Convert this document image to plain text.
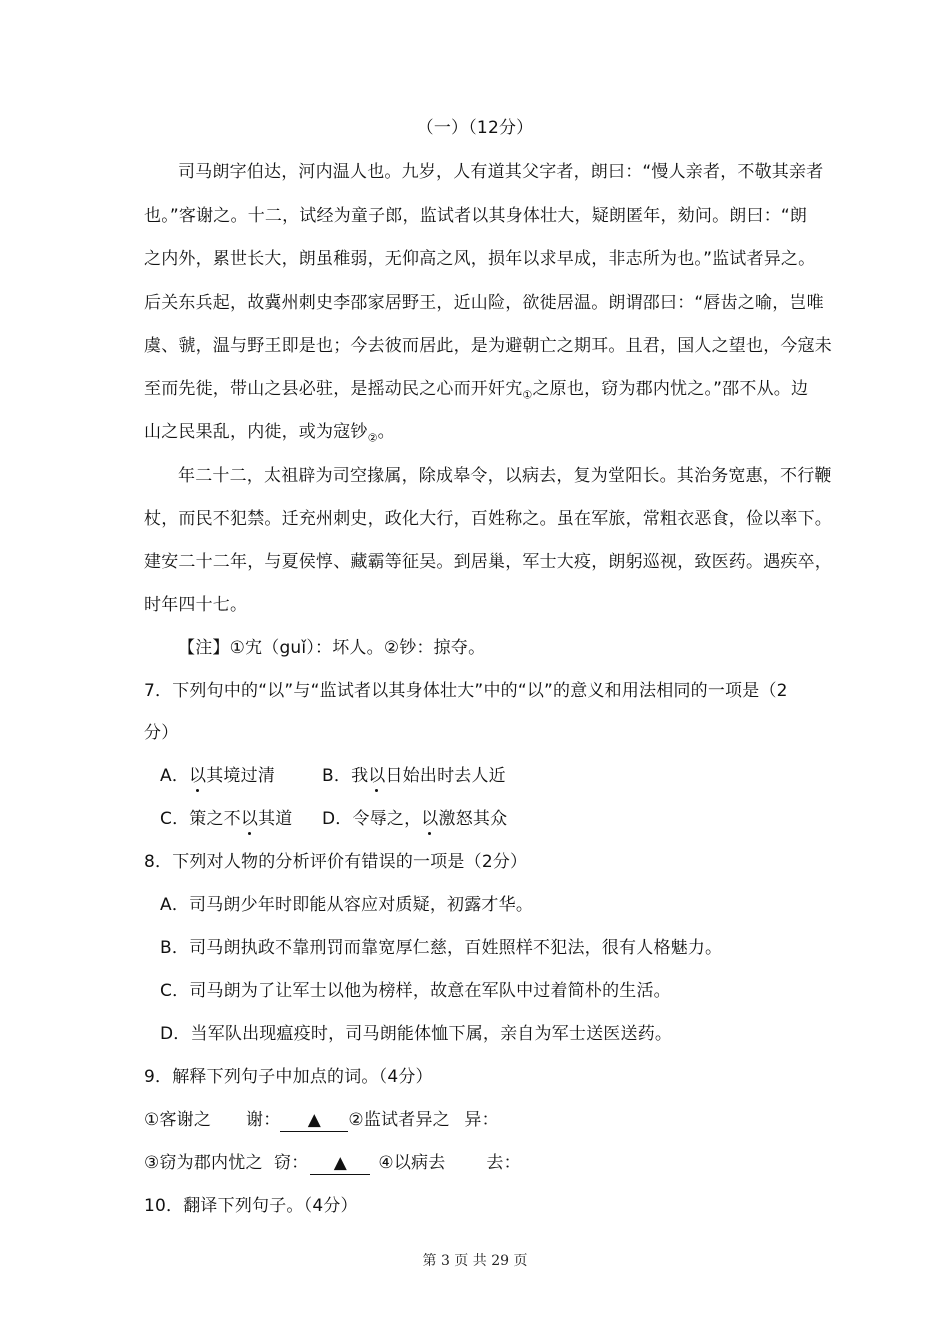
（一）（12分）
司马朗字伯达，河内温人也。九岁，人有道其父字者，朗曰：“慢人亲者，不敬其亲者
也。”客谢之。十二，试经为童子郎，监试者以其身体壮大，疑朗匿年，劾问。朗曰：“朗
之内外，累世长大，朗虽稚弱，无仰高之风，损年以求早成，非志所为也。”监试者异之。
后关东兵起，故冀州刺史李邵家居野王，近山险，欲徙居温。朗谓邵曰：“唇齿之喻，岂唯
虞、虢，温与野王即是也；今去彼而居此，是为避朝亡之期耳。且君，国人之望也，今寇未
至而先徙，带山之县必驻，是摇动民之心而开奸宄$_①$之原也，窃为郡内忧之。”邵不从。边
山之民果乱，内徙，或为寇钞$_②$。
年二十二，太祖辟为司空掾属，除成皋令，以病去，复为堂阳长。其治务宽惠，不行鞭
杖，而民不犯禁。迁充州刺史，政化大行，百姓称之。虽在军旅，常粗衣恶食，俭以率下。
建安二十二年，与夏侯惇、藏霸等征吴。到居巢，军士大疫，朗躬巡视，致医药。遇疾卒，
时年四十七。
【注】①宄（guǐ）：坏人。②钞：掠夺。
7．下列句中的“以”与“监试者以其身体壮大”中的“以”的意义和用法相同的一项是（2
分）
A．以其境过清	B．我以日始出时去人近
C．策之不以其道 D．令辱之，以激怒其众
8．下列对人物的分析评价有错误的一项是（2分）
A．司马朗少年时即能从容应对质疑，初露才华。
B．司马朗执政不靠刑罚而靠宽厚仁慈，百姓照样不犯法，很有人格魅力。
C．司马朗为了让军士以他为榜样，故意在军队中过着简朴的生活。
D．当军队出现瘟疫时，司马朗能体恤下属，亲自为军士送医送药。
9．解释下列句子中加点的词。（4分）
①客谢之 谢： ▲ ②监试者异之 异：
③窃为郡内忧之 窃： ▲ ④以病去 去：
10．翻译下列句子。（4分）
第 3 页 共 29 页
